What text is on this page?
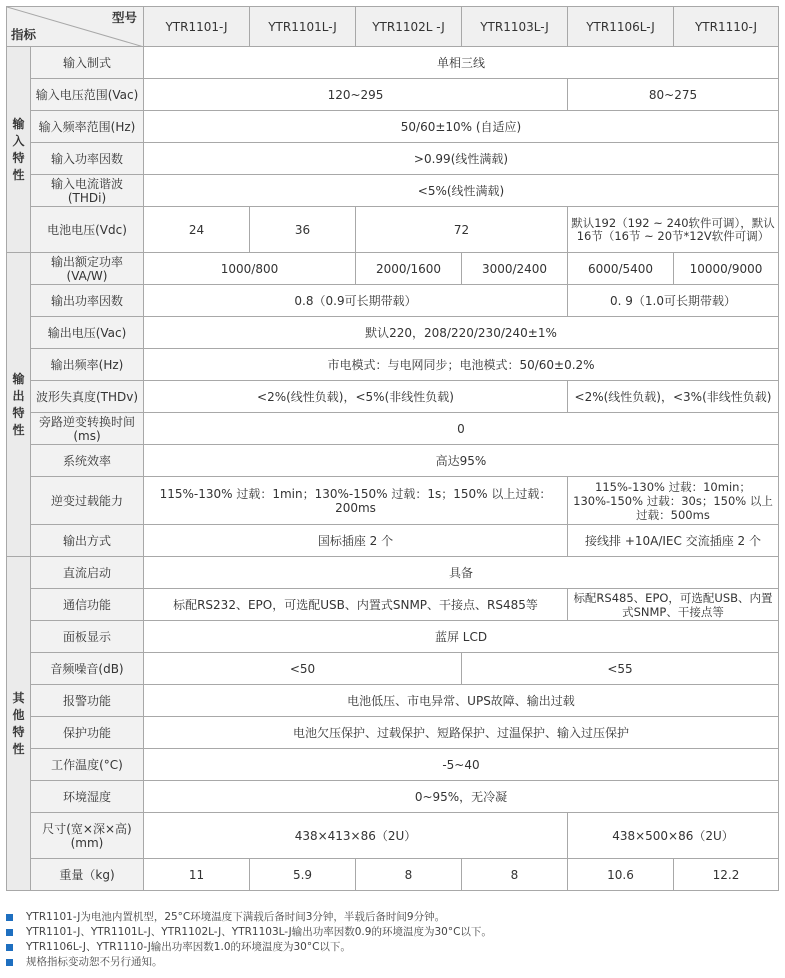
型号
指标		YTR1101-J	YTR1101L-J	YTR1102L -J	YTR1103L-J	YTR1106L-J	YTR1110-J

输入特性	输入制式	单相三线					
	输入电压范围(Vac)	120~295				80~275	
	输入频率范围(Hz)	50/60±10% (自适应)					
	输入功率因数	>0.99(线性满载)					
	输入电流谐波(THDi)	<5%(线性满载)					
	电池电压(Vdc)	24	36	72		默认192（192 ~ 240软件可调），默认16节（16节 ~ 20节*12V软件可调）	

输出特性	输出额定功率(VA/W)	1000/800		2000/1600	3000/2400	6000/5400	10000/9000
	输出功率因数	0.8（0.9可长期带载）				0. 9（1.0可长期带载）	
	输出电压(Vac)	默认220，208/220/230/240±1%					
	输出频率(Hz)	市电模式：与电网同步；电池模式：50/60±0.2%					
	波形失真度(THDv)	<2%(线性负载)，<5%(非线性负载)				<2%(线性负载)，<3%(非线性负载)	
	旁路逆变转换时间(ms)	0					
	系统效率	高达95%					
	逆变过载能力	115%-130% 过载：1min；130%-150% 过载：1s；150% 以上过载：200ms				115%-130% 过载：10min；130%-150% 过载：30s；150% 以上过载：500ms	
	输出方式	国标插座 2 个				接线排 +10A/IEC 交流插座 2 个	

其他特性	直流启动	具备					
	通信功能	标配RS232、EPO，可选配USB、内置式SNMP、干接点、RS485等				标配RS485、EPO，可选配USB、内置式SNMP、干接点等	
	面板显示	蓝屏 LCD					
	音频噪音(dB)	<50			<55		
	报警功能	电池低压、市电异常、UPS故障、输出过载					
	保护功能	电池欠压保护、过载保护、短路保护、过温保护、输入过压保护					
	工作温度(°C)	-5~40					
	环境湿度	0~95%，无冷凝					
	尺寸(宽×深×高)(mm)	438×413×86（2U）				438×500×86（2U）	
	重量（kg)	11	5.9	8	8	10.6	12.2
YTR1101-J为电池内置机型，25°C环境温度下满载后备时间3分钟，半载后备时间9分钟。
YTR1101-J、YTR1101L-J、YTR1102L-J、YTR1103L-J输出功率因数0.9的环境温度为30°C以下。
YTR1106L-J、YTR1110-J输出功率因数1.0的环境温度为30°C以下。
规格指标变动恕不另行通知。
